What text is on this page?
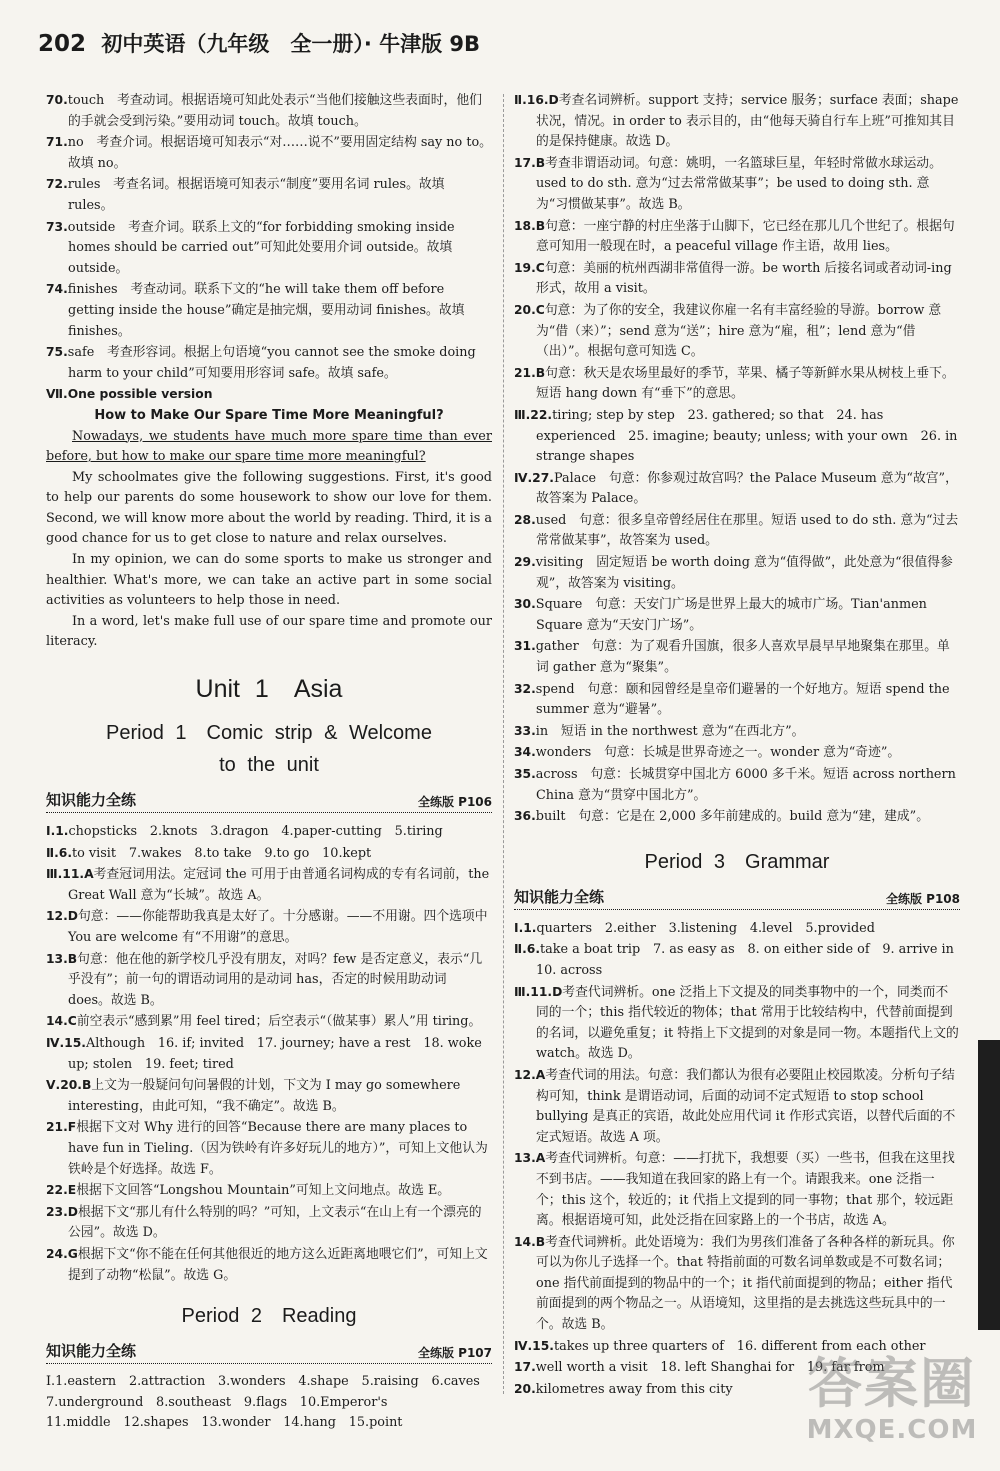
202 初中英语（九年级　全一册）· 牛津版 9B

70.touch　考查动词。根据语境可知此处表示“当他们接触这些表面时，他们的手就会受到污染。”要用动词 touch。故填 touch。

71.no　考查介词。根据语境可知表示“对……说不”要用固定结构 say no to。故填 no。

72.rules　考查名词。根据语境可知表示“制度”要用名词 rules。故填 rules。

73.outside　考查介词。联系上文的“for forbidding smoking inside homes should be carried out”可知此处要用介词 outside。故填 outside。

74.finishes　考查动词。联系下文的“he will take them off before getting inside the house”确定是抽完烟，要用动词 finishes。故填 finishes。

75.safe　考查形容词。根据上句语境“you cannot see the smoke doing harm to your child”可知要用形容词 safe。故填 safe。

Ⅶ.One possible version

How to Make Our Spare Time More Meaningful?

Nowadays, we students have much more spare time than ever before, but how to make our spare time more meaningful?

My schoolmates give the following suggestions. First, it's good to help our parents do some housework to show our love for them. Second, we will know more about the world by reading. Third, it is a good chance for us to get close to nature and relax ourselves.

In my opinion, we can do some sports to make us stronger and healthier. What's more, we can take an active part in some social activities as volunteers to help those in need.

In a word, let's make full use of our spare time and promote our literacy.

Unit 1　Asia
Period 1　Comic strip & Welcome
to the unit
知识能力全练	全练版 P106

Ⅰ.1.chopsticks　2.knots　3.dragon　4.paper-cutting　5.tiring

Ⅱ.6.to visit　7.wakes　8.to take　9.to go　10.kept

Ⅲ.11.A考查冠词用法。定冠词 the 可用于由普通名词构成的专有名词前，the Great Wall 意为“长城”。故选 A。

12.D句意：——你能帮助我真是太好了。十分感谢。——不用谢。四个选项中 You are welcome 有“不用谢”的意思。

13.B句意：他在他的新学校几乎没有朋友，对吗？few 是否定意义，表示“几乎没有”；前一句的谓语动词用的是动词 has，否定的时候用助动词 does。故选 B。

14.C前空表示“感到累”用 feel tired；后空表示“（做某事）累人”用 tiring。

Ⅳ.15.Although　16. if; invited　17. journey; have a rest　18. woke up; stolen　19. feet; tired

Ⅴ.20.B上文为一般疑问句问暑假的计划，下文为 I may go somewhere interesting，由此可知，“我不确定”。故选 B。

21.F根据下文对 Why 进行的回答“Because there are many places to have fun in Tieling.（因为铁岭有许多好玩儿的地方）”，可知上文他认为铁岭是个好选择。故选 F。

22.E根据下文回答“Longshou Mountain”可知上文问地点。故选 E。

23.D根据下文“那儿有什么特别的吗？”可知，上文表示“在山上有一个漂亮的公园”。故选 D。

24.G根据下文“你不能在任何其他很近的地方这么近距离地喂它们”，可知上文提到了动物“松鼠”。故选 G。

Period 2　Reading
知识能力全练	全练版 P107

Ⅰ.1.eastern　2.attraction　3.wonders　4.shape　5.raising　6.caves

7.underground　8.southeast　9.flags　10.Emperor's

11.middle　12.shapes　13.wonder　14.hang　15.point

Ⅱ.16.D考查名词辨析。support 支持；service 服务；surface 表面；shape 状况，情况。in order to 表示目的，由“他每天骑自行车上班”可推知其目的是保持健康。故选 D。

17.B考查非谓语动词。句意：姚明，一名篮球巨星，年轻时常做水球运动。used to do sth. 意为“过去常常做某事”；be used to doing sth. 意为“习惯做某事”。故选 B。

18.B句意：一座宁静的村庄坐落于山脚下，它已经在那儿几个世纪了。根据句意可知用一般现在时，a peaceful village 作主语，故用 lies。

19.C句意：美丽的杭州西湖非常值得一游。be worth 后接名词或者动词-ing 形式，故用 a visit。

20.C句意：为了你的安全，我建议你雇一名有丰富经验的导游。borrow 意为“借（来）”；send 意为“送”；hire 意为“雇，租”；lend 意为“借（出）”。根据句意可知选 C。

21.B句意：秋天是农场里最好的季节，苹果、橘子等新鲜水果从树枝上垂下。短语 hang down 有“垂下”的意思。

Ⅲ.22.tiring; step by step　23. gathered; so that　24. has experienced　25. imagine; beauty; unless; with your own　26. in strange shapes

Ⅳ.27.Palace　句意：你参观过故宫吗？the Palace Museum 意为“故宫”，故答案为 Palace。

28.used　句意：很多皇帝曾经居住在那里。短语 used to do sth. 意为“过去常常做某事”，故答案为 used。

29.visiting　固定短语 be worth doing 意为“值得做”，此处意为“很值得参观”，故答案为 visiting。

30.Square　句意：天安门广场是世界上最大的城市广场。Tian'anmen Square 意为“天安门广场”。

31.gather　句意：为了观看升国旗，很多人喜欢早晨早早地聚集在那里。单词 gather 意为“聚集”。

32.spend　句意：颐和园曾经是皇帝们避暑的一个好地方。短语 spend the summer 意为“避暑”。

33.in　短语 in the northwest 意为“在西北方”。

34.wonders　句意：长城是世界奇迹之一。wonder 意为“奇迹”。

35.across　句意：长城贯穿中国北方 6000 多千米。短语 across northern China 意为“贯穿中国北方”。

36.built　句意：它是在 2,000 多年前建成的。build 意为“建，建成”。

Period 3　Grammar
知识能力全练	全练版 P108

Ⅰ.1.quarters　2.either　3.listening　4.level　5.provided

Ⅱ.6.take a boat trip　7. as easy as　8. on either side of　9. arrive in　10. across

Ⅲ.11.D考查代词辨析。one 泛指上下文提及的同类事物中的一个，同类而不同的一个；this 指代较近的物体；that 常用于比较结构中，代替前面提到的名词，以避免重复；it 特指上下文提到的对象是同一物。本题指代上文的 watch。故选 D。

12.A考查代词的用法。句意：我们都认为很有必要阻止校园欺凌。分析句子结构可知，think 是谓语动词，后面的动词不定式短语 to stop school bullying 是真正的宾语，故此处应用代词 it 作形式宾语，以替代后面的不定式短语。故选 A 项。

13.A考查代词辨析。句意：——打扰下，我想要（买）一些书，但我在这里找不到书店。——我知道在我回家的路上有一个。请跟我来。one 泛指一个；this 这个，较近的；it 代指上文提到的同一事物；that 那个，较远距离。根据语境可知，此处泛指在回家路上的一个书店，故选 A。

14.B考查代词辨析。此处语境为：我们为男孩们准备了各种各样的新玩具。你可以为你儿子选择一个。that 特指前面的可数名词单数或是不可数名词；one 指代前面提到的物品中的一个；it 指代前面提到的物品；either 指代前面提到的两个物品之一。从语境知，这里指的是去挑选这些玩具中的一个。故选 B。

Ⅳ.15.takes up three quarters of　16. different from each other

17.well worth a visit　18. left Shanghai for　19. far from

20.kilometres away from this city	答案圈
MXQE.COM
